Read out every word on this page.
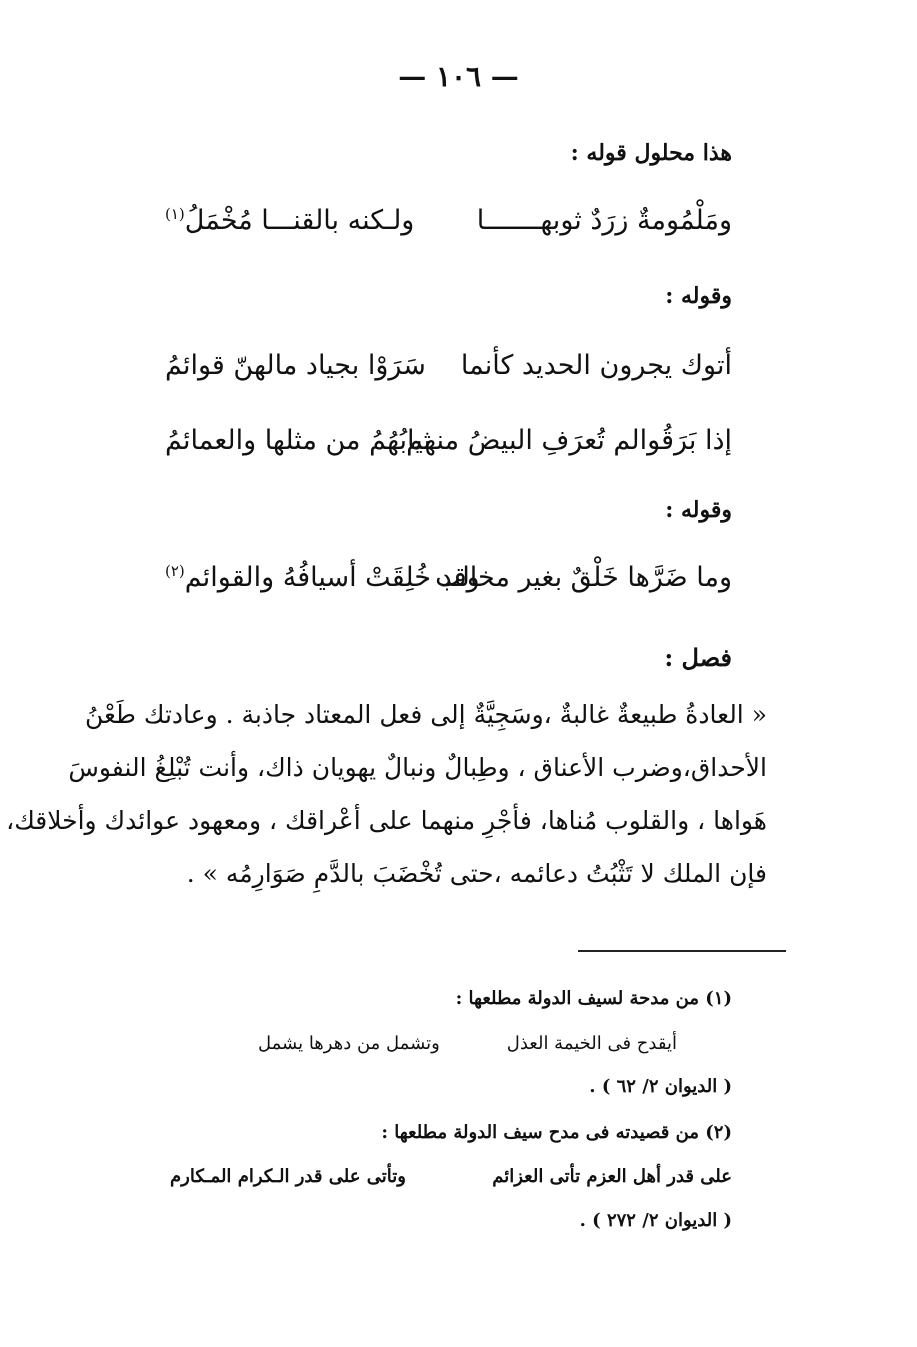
— ١٠٦ —
هذا محلول قوله :
ومَلْمُومةٌ زرَدٌ ثوبهـــــــا
ولـكنه بالقنـــا مُخْمَلُ$^{(١)}$
وقوله :
أتوك يجرون الحديد كأنما
سَرَوْا بجياد مالهنّ قوائمُ
إذا بَرَقُوالم تُعرَفِ البيضُ منهم
ثيابُهُمُ من مثلها والعمائمُ
وقوله :
وما ضَرَّها خَلْقٌ بغير مخالب
وقد خُلِقَتْ أسيافُهُ والقوائم$^{(٢)}$
فصل :
« العادةُ طبيعةٌ غالبةٌ ،وسَجِيَّةٌ إلى فعل المعتاد جاذبة . وعادتك طَعْنُ
الأحداق،وضرب الأعناق ، وطِبالٌ ونبالٌ يهويان ذاك، وأنت تُبْلِغُ النفوسَ
هَواها ، والقلوب مُناها، فأجْرِ منهما على أعْراقك ، ومعهود عوائدك وأخلاقك،
فإن الملك لا تَثْبُتُ دعائمه ،حتى تُخْضَبَ بالدَّمِ صَوَارِمُه » .
(١) من مدحة لسيف الدولة مطلعها :
أيقدح فى الخيمة العذل
وتشمل من دهرها يشمل
( الديوان ٢/ ٦٢ ) .
(٢) من قصيدته فى مدح سيف الدولة مطلعها :
على قدر أهل العزم تأتى العزائم
وتأتى على قدر الـكرام المـكارم
( الديوان ٢/ ٢٧٢ ) .
